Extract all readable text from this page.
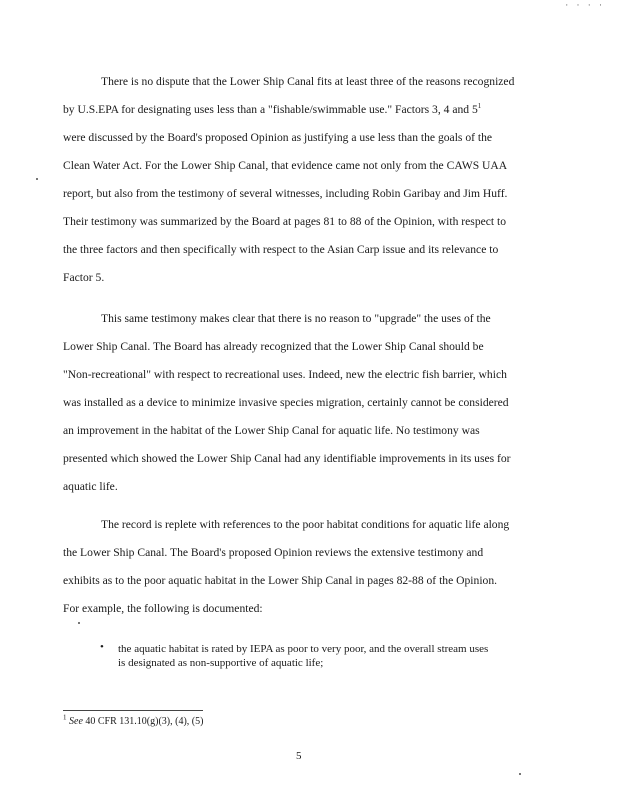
· · · ·
There is no dispute that the Lower Ship Canal fits at least three of the reasons recognized
by U.S.EPA for designating uses less than a "fishable/swimmable use." Factors 3, 4 and $5^1$
were discussed by the Board's proposed Opinion as justifying a use less than the goals of the
Clean Water Act. For the Lower Ship Canal, that evidence came not only from the CAWS UAA
report, but also from the testimony of several witnesses, including Robin Garibay and Jim Huff.
Their testimony was summarized by the Board at pages 81 to 88 of the Opinion, with respect to
the three factors and then specifically with respect to the Asian Carp issue and its relevance to
Factor 5.
This same testimony makes clear that there is no reason to "upgrade" the uses of the
Lower Ship Canal. The Board has already recognized that the Lower Ship Canal should be
"Non-recreational" with respect to recreational uses. Indeed, new the electric fish barrier, which
was installed as a device to minimize invasive species migration, certainly cannot be considered
an improvement in the habitat of the Lower Ship Canal for aquatic life. No testimony was
presented which showed the Lower Ship Canal had any identifiable improvements in its uses for
aquatic life.
The record is replete with references to the poor habitat conditions for aquatic life along
the Lower Ship Canal. The Board's proposed Opinion reviews the extensive testimony and
exhibits as to the poor aquatic habitat in the Lower Ship Canal in pages 82-88 of the Opinion.
For example, the following is documented:
• the aquatic habitat is rated by IEPA as poor to very poor, and the overall stream uses
is designated as non-supportive of aquatic life;
$^1$ See 40 CFR 131.10(g)(3), (4), (5)
5
